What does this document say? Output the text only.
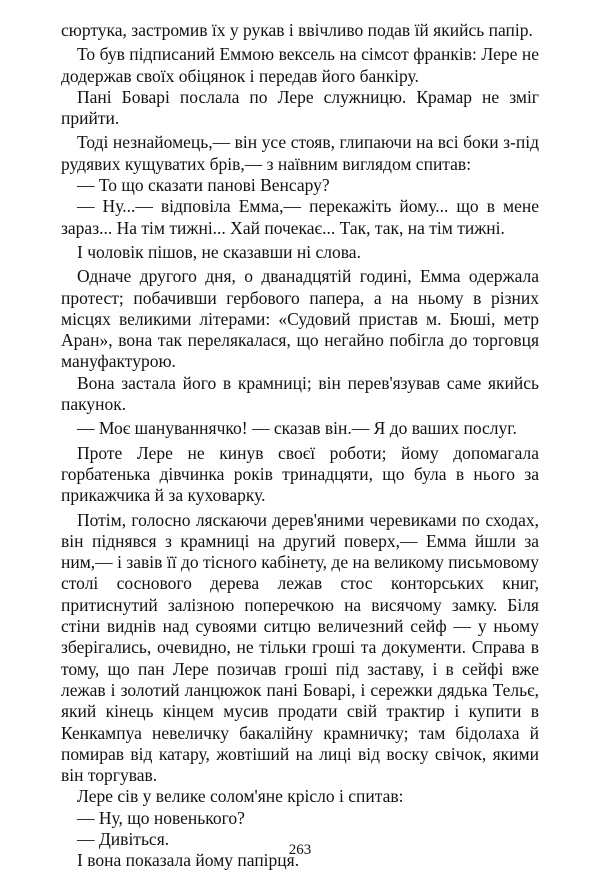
сюртука, застромив їх у рукав і ввічливо подав їй якийсь папір.

То був підписаний Еммою вексель на сімсот франків: Лере не додержав своїх обіцянок і передав його банкіру.

Пані Боварі послала по Лере служницю. Крамар не зміг прийти.

Тоді незнайомець,— він усе стояв, глипаючи на всі боки з-під рудявих кущуватих брів,— з наївним виглядом спитав:

— То що сказати панові Венсару?

— Ну...— відповіла Емма,— перекажіть йому... що в мене зараз... На тім тижні... Хай почекає... Так, так, на тім тижні.

І чоловік пішов, не сказавши ні слова.

Одначе другого дня, о дванадцятій годині, Емма одержала протест; побачивши гербового папера, а на ньому в різних місцях великими літерами: «Судовий пристав м. Бюші, метр Аран», вона так перелякалася, що негайно побігла до торговця мануфактурою.

Вона застала його в крамниці; він перев'язував саме якийсь пакунок.

— Моє шануваннячко! — сказав він.— Я до ваших послуг.

Проте Лере не кинув своєї роботи; йому допомагала горбатенька дівчинка років тринадцяти, що була в нього за прикажчика й за куховарку.

Потім, голосно ляскаючи дерев'яними черевиками по сходах, він піднявся з крамниці на другий поверх,— Емма йшли за ним,— і завів її до тісного кабінету, де на великому письмовому столі соснового дерева лежав стос конторських книг, притиснутий залізною поперечкою на висячому замку. Біля стіни виднів над сувоями ситцю величезний сейф — у ньому зберігались, очевидно, не тільки гроші та документи. Справа в тому, що пан Лере позичав гроші під заставу, і в сейфі вже лежав і золотий ланцюжок пані Боварі, і сережки дядька Тельє, який кінець кінцем мусив продати свій трактир і купити в Кенкампуа невеличку бакалійну крамничку; там бідолаха й помирав від катару, жовтіший на лиці від воску свічок, якими він торгував.

Лере сів у велике солом'яне крісло і спитав:

— Ну, що новенького?

— Дивіться.

І вона показала йому папірця.

263
